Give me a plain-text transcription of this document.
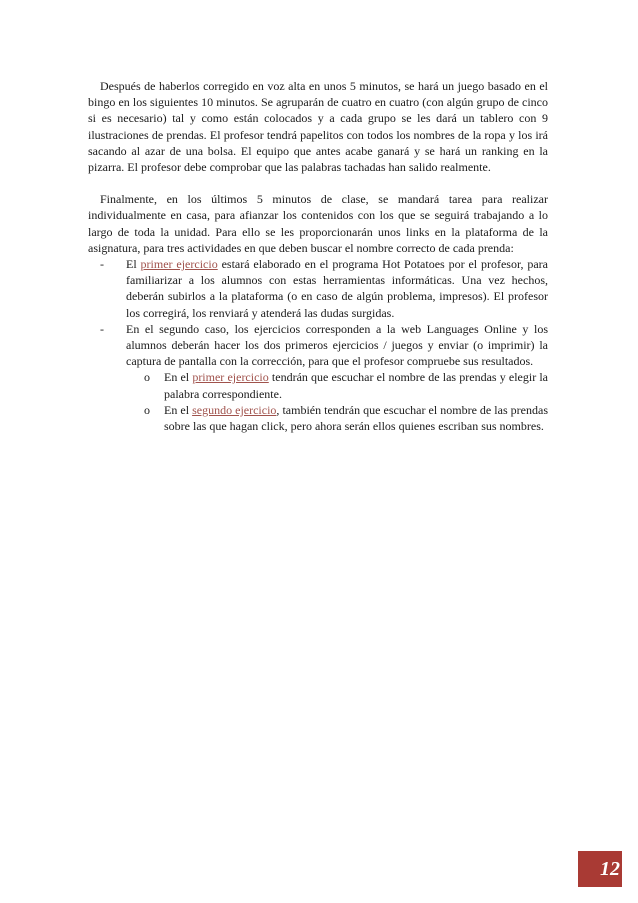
Después de haberlos corregido en voz alta en unos 5 minutos, se hará un juego basado en el bingo en los siguientes 10 minutos. Se agruparán de cuatro en cuatro (con algún grupo de cinco si es necesario) tal y como están colocados y a cada grupo se les dará un tablero con 9 ilustraciones de prendas. El profesor tendrá papelitos con todos los nombres de la ropa y los irá sacando al azar de una bolsa. El equipo que antes acabe ganará y se hará un ranking en la pizarra. El profesor debe comprobar que las palabras tachadas han salido realmente.

Finalmente, en los últimos 5 minutos de clase, se mandará tarea para realizar individualmente en casa, para afianzar los contenidos con los que se seguirá trabajando a lo largo de toda la unidad. Para ello se les proporcionarán unos links en la plataforma de la asignatura, para tres actividades en que deben buscar el nombre correcto de cada prenda:

- El primer ejercicio estará elaborado en el programa Hot Potatoes por el profesor, para familiarizar a los alumnos con estas herramientas informáticas. Una vez hechos, deberán subirlos a la plataforma (o en caso de algún problema, impresos). El profesor los corregirá, los renviará y atenderá las dudas surgidas.
- En el segundo caso, los ejercicios corresponden a la web Languages Online y los alumnos deberán hacer los dos primeros ejercicios / juegos y enviar (o imprimir) la captura de pantalla con la corrección, para que el profesor compruebe sus resultados.
o En el primer ejercicio tendrán que escuchar el nombre de las prendas y elegir la palabra correspondiente.
o En el segundo ejercicio, también tendrán que escuchar el nombre de las prendas sobre las que hagan click, pero ahora serán ellos quienes escriban sus nombres.
12
